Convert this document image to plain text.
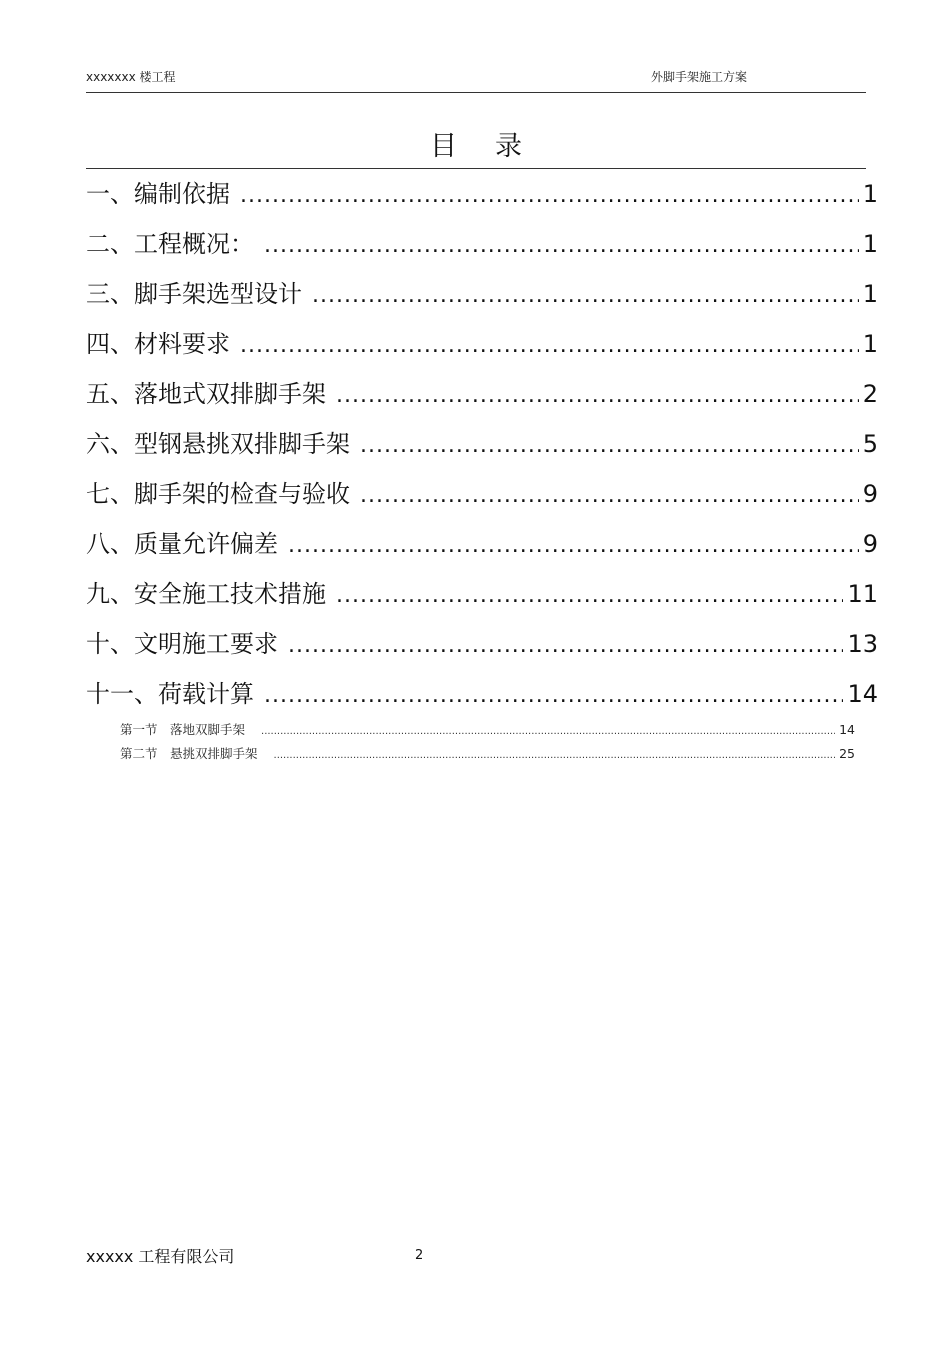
xxxxxxx 楼工程	外脚手架施工方案
目录
一、编制依据 .....	1
二、工程概况： .....	1
三、脚手架选型设计 .....	1
四、材料要求 .....	1
五、落地式双排脚手架 .....	2
六、型钢悬挑双排脚手架 .....	5
七、脚手架的检查与验收 .....	9
八、质量允许偏差 .....	9
九、安全施工技术措施 .....	11
十、文明施工要求 .....	13
十一、荷载计算 .....	14
第一节　落地双脚手架 .....	14
第二节　悬挑双排脚手架 .....	25
xxxxx 工程有限公司	2
